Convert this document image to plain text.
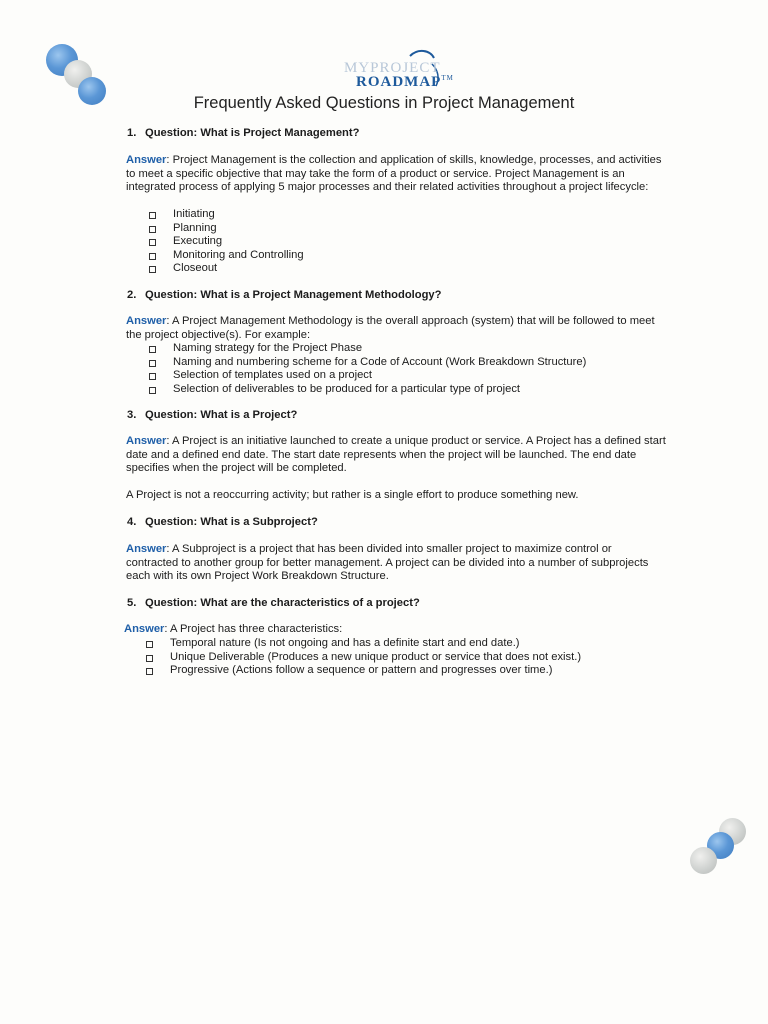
MYPROJECT
ROADMAP™
Frequently Asked Questions in Project Management
1. Question: What is Project Management?
Answer: Project Management is the collection and application of skills, knowledge, processes, and activities to meet a specific objective that may take the form of a product or service. Project Management is an integrated process of applying 5 major processes and their related activities throughout a project lifecycle:
Initiating
Planning
Executing
Monitoring and Controlling
Closeout
2. Question: What is a Project Management Methodology?
Answer: A Project Management Methodology is the overall approach (system) that will be followed to meet the project objective(s). For example:
Naming strategy for the Project Phase
Naming and numbering scheme for a Code of Account (Work Breakdown Structure)
Selection of templates used on a project
Selection of deliverables to be produced for a particular type of project
3. Question: What is a Project?
Answer: A Project is an initiative launched to create a unique product or service. A Project has a defined start date and a defined end date. The start date represents when the project will be launched. The end date specifies when the project will be completed.
A Project is not a reoccurring activity; but rather is a single effort to produce something new.
4. Question: What is a Subproject?
Answer: A Subproject is a project that has been divided into smaller project to maximize control or contracted to another group for better management. A project can be divided into a number of subprojects each with its own Project Work Breakdown Structure.
5. Question: What are the characteristics of a project?
Answer: A Project has three characteristics:
Temporal nature (Is not ongoing and has a definite start and end date.)
Unique Deliverable (Produces a new unique product or service that does not exist.)
Progressive (Actions follow a sequence or pattern and progresses over time.)
